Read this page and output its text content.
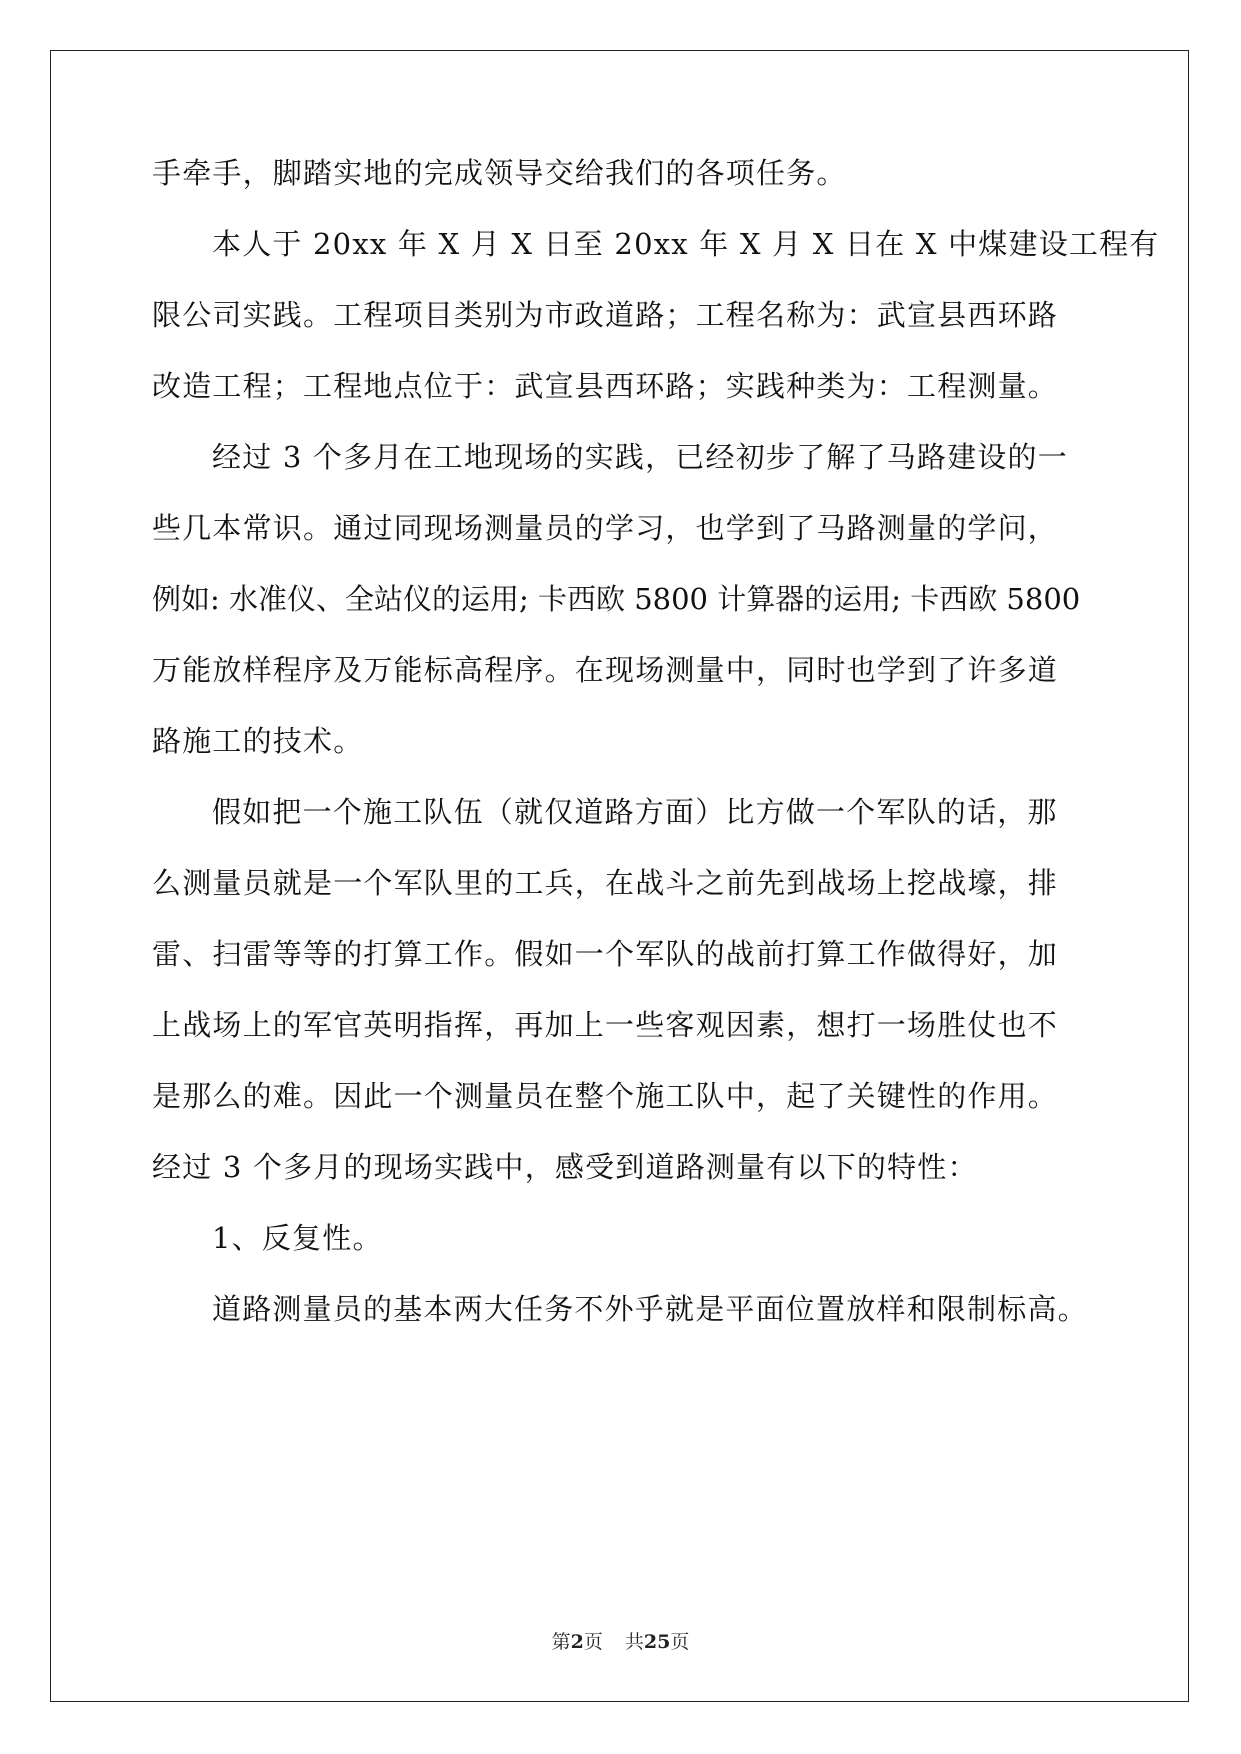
手牵手，脚踏实地的完成领导交给我们的各项任务。
本人于 20xx 年 X 月 X 日至 20xx 年 X 月 X 日在 X 中煤建设工程有
限公司实践。工程项目类别为市政道路；工程名称为：武宣县西环路
改造工程；工程地点位于：武宣县西环路；实践种类为：工程测量。
经过 3 个多月在工地现场的实践，已经初步了解了马路建设的一
些几本常识。通过同现场测量员的学习，也学到了马路测量的学问，
例如: 水准仪、全站仪的运用; 卡西欧 5800 计算器的运用; 卡西欧 5800
万能放样程序及万能标高程序。在现场测量中，同时也学到了许多道
路施工的技术。
假如把一个施工队伍（就仅道路方面）比方做一个军队的话，那
么测量员就是一个军队里的工兵，在战斗之前先到战场上挖战壕，排
雷、扫雷等等的打算工作。假如一个军队的战前打算工作做得好，加
上战场上的军官英明指挥，再加上一些客观因素，想打一场胜仗也不
是那么的难。因此一个测量员在整个施工队中，起了关键性的作用。
经过 3 个多月的现场实践中，感受到道路测量有以下的特性：
1、反复性。
道路测量员的基本两大任务不外乎就是平面位置放样和限制标高。
第2页 共25页
